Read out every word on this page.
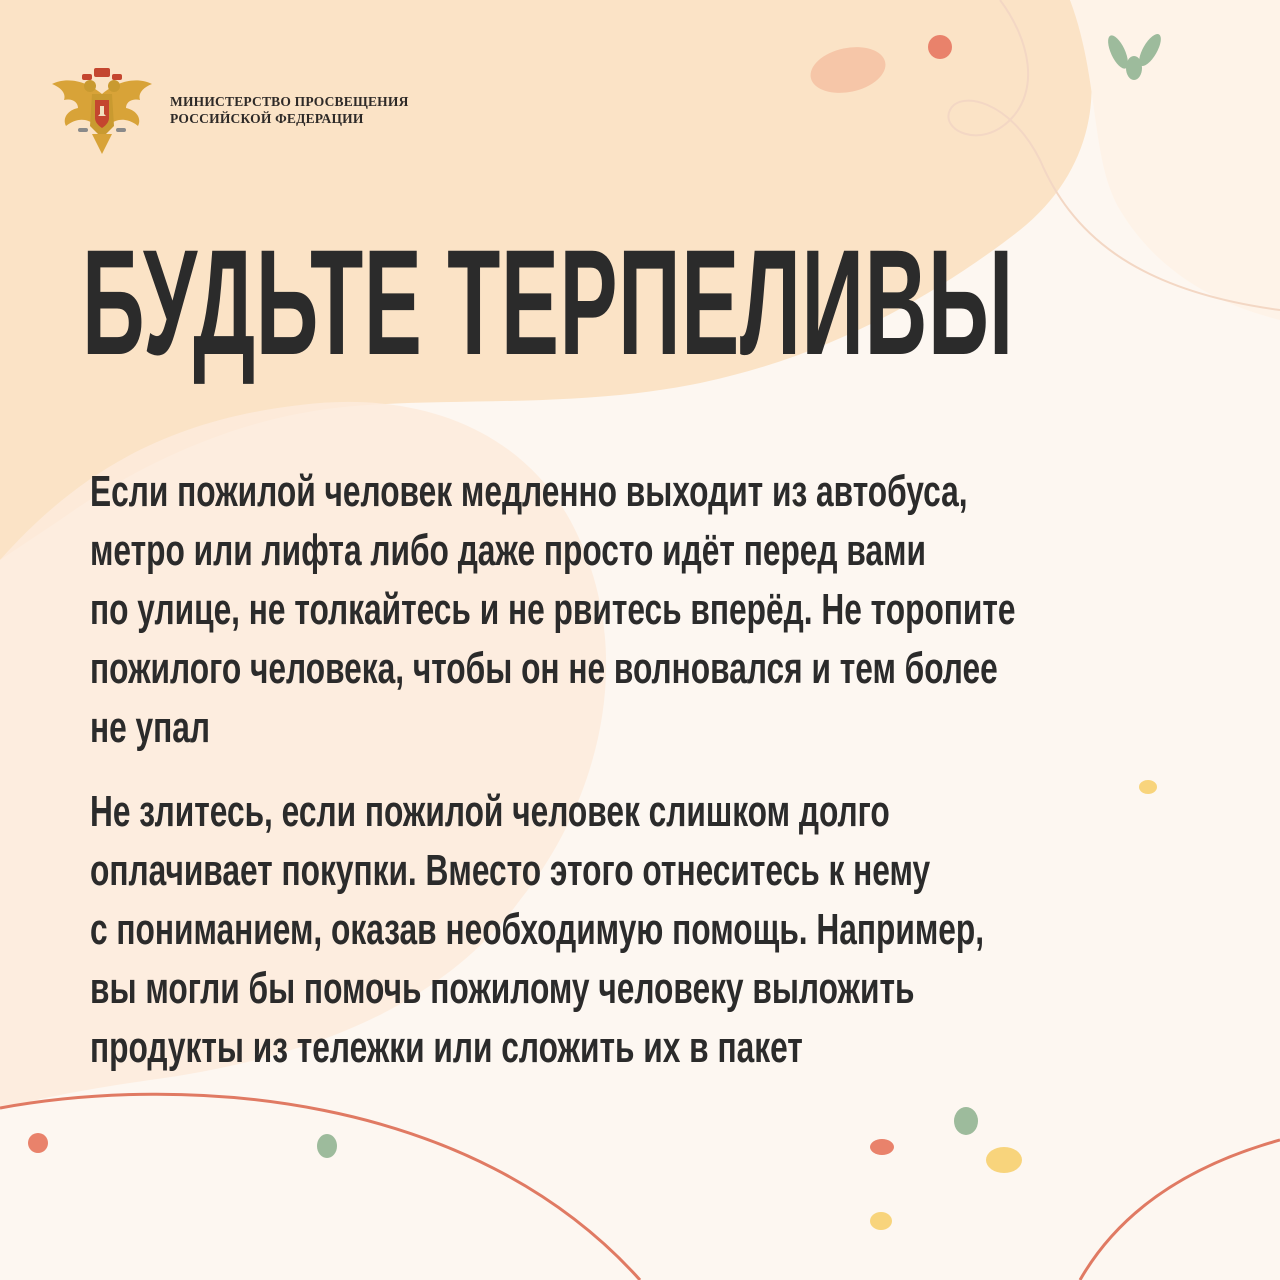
МИНИСТЕРСТВО ПРОСВЕЩЕНИЯ
РОССИЙСКОЙ ФЕДЕРАЦИИ
БУДЬТЕ ТЕРПЕЛИВЫ
Если пожилой человек медленно выходит из автобуса,
метро или лифта либо даже просто идёт перед вами
по улице, не толкайтесь и не рвитесь вперёд. Не торопите
пожилого человека, чтобы он не волновался и тем более
не упал
Не злитесь, если пожилой человек слишком долго
оплачивает покупки. Вместо этого отнеситесь к нему
с пониманием, оказав необходимую помощь. Например,
вы могли бы помочь пожилому человеку выложить
продукты из тележки или сложить их в пакет
